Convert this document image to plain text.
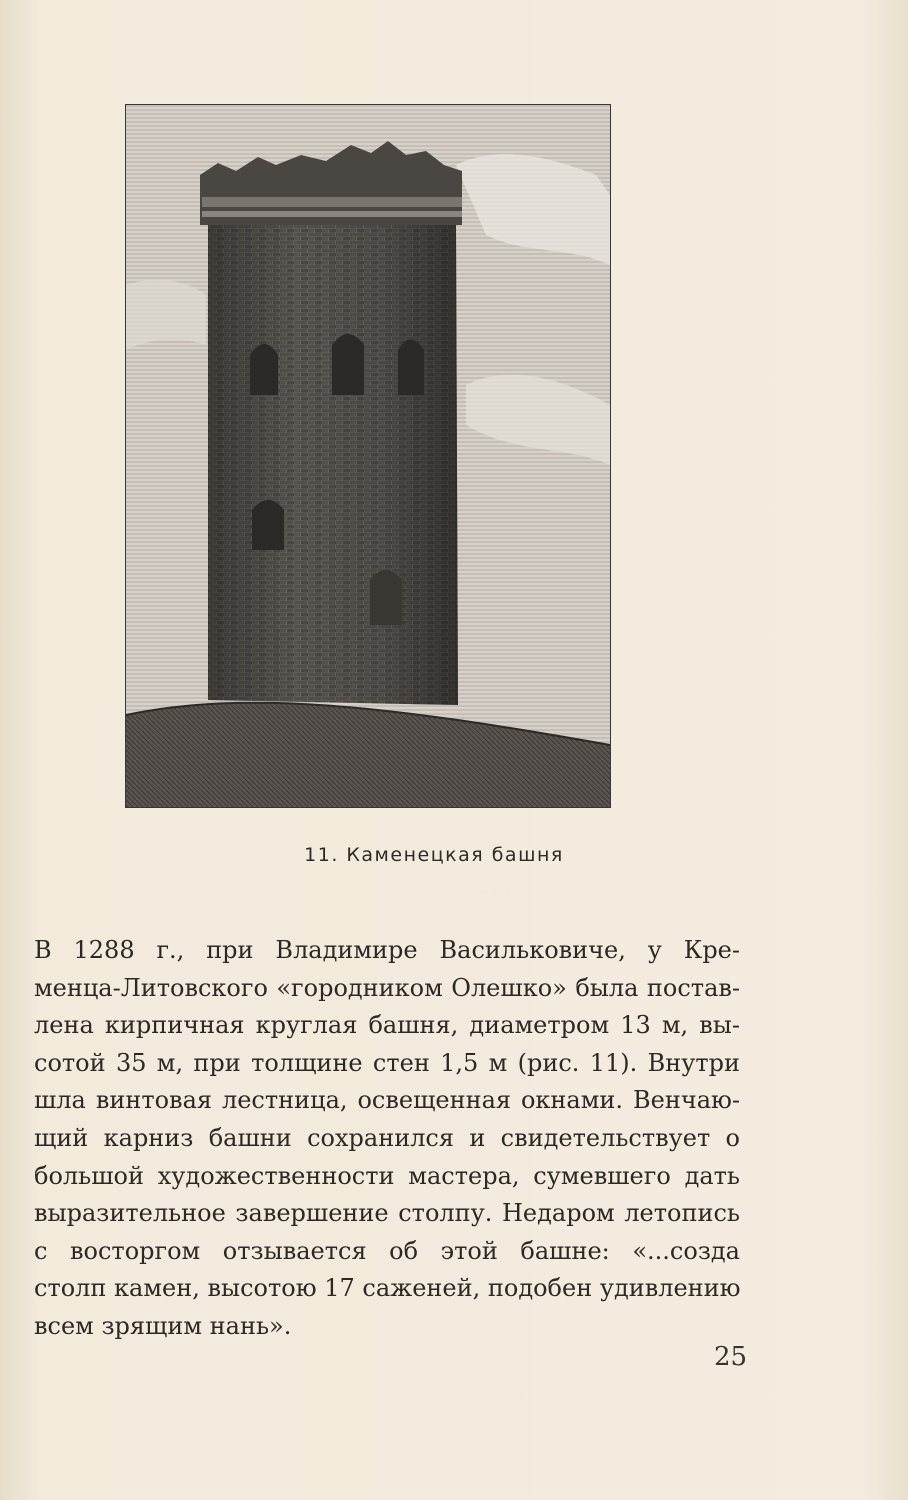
11. Каменецкая башня
В 1288 г., при Владимире Васильковиче, у Кре-
менца-Литовского «городником Олешко» была постав-
лена кирпичная круглая башня, диаметром 13 м, вы-
сотой 35 м, при толщине стен 1,5 м (рис. 11). Внутри
шла винтовая лестница, освещенная окнами. Венчаю-
щий карниз башни сохранился и свидетельствует о
большой художественности мастера, сумевшего дать
выразительное завершение столпу. Недаром летопись
с восторгом отзывается об этой башне: «...созда
столп камен, высотою 17 саженей, подобен удивлению
всем зрящим нань».
25
